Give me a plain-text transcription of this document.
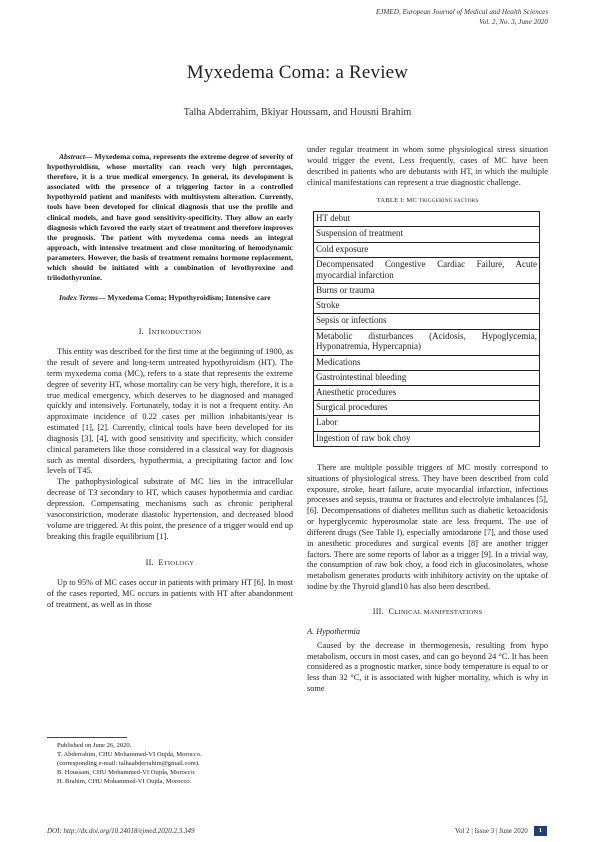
EJMED, European Journal of Medical and Health Sciences
Vol. 2, No. 3, June 2020
Myxedema Coma: a Review
Talha Abderrahim, Bkiyar Houssam, and Housni Brahim

Abstract— Myxedema coma, represents the extreme degree of severity of hypothyroidism, whose mortality can reach very high percentages, therefore, it is a true medical emergency. In general, its development is associated with the presence of a triggering factor in a controlled hypothyroid patient and manifests with multisystem alteration. Currently, tools have been developed for clinical diagnosis that use the profile and clinical models, and have good sensitivity-specificity. They allow an early diagnosis which favored the early start of treatment and therefore improves the prognosis. The patient with myxedema coma needs an integral approach, with intensive treatment and close monitoring of hemodynamic parameters. However, the basis of treatment remains hormone replacement, which should be initiated with a combination of levothyroxine and triiodothyronine.

Index Terms— Myxedema Coma; Hypothyroidism; Intensive care

I. INTRODUCTION

This entity was described for the first time at the beginning of 1900, as the result of severe and long-term untreated hypothyroidism (HT). The term myxedema coma (MC), refers to a state that represents the extreme degree of severity HT, whose mortality can be very high, therefore, it is a true medical emergency, which deserves to be diagnosed and managed quickly and intensively. Fortunately, today it is not a frequent entity. An approximate incidence of 0.22 cases per million inhabitants/year is estimated [1], [2]. Currently, clinical tools have been developed for its diagnosis [3], [4], with good sensitivity and specificity, which consider clinical parameters like those considered in a classical way for diagnosis such as mental disorders, hypothermia, a precipitating factor and low levels of T45.

The pathophysiological substrate of MC lies in the intracellular decrease of T3 secondary to HT, which causes hypothermia and cardiac depression. Compensating mechanisms such as chronic peripheral vasoconstriction, moderate diastolic hypertension, and decreased blood volume are triggered. At this point, the presence of a trigger would end up breaking this fragile equilibrium [1].

II. ETIOLOGY

Up to 95% of MC cases occur in patients with primary HT [6]. In most of the cases reported, MC occurs in patients with HT after abandonment of treatment, as well as in those

Published on June 26, 2020.

T. Abderrahim, CHU Mohammed-VI Oujda, Morocco.

(corresponding e-mail: talhaabderrahim@gmail.com).

B. Houssam, CHU Mohammed-VI Oujda, Morocco.

H. Brahim, CHU Mohammed-VI Oujda, Morocco.

under regular treatment in whom some physiological stress situation would trigger the event. Less frequently, cases of MC have been described in patients who are debutants with HT, in which the multiple clinical manifestations can represent a true diagnostic challenge.

TABLE I: MC TRIGGERING FACTORS
HT debut
Suspension of treatment
Cold exposure
Decompensated Congestive Cardiac Failure, Acute myocardial infarction
Burns or trauma
Stroke
Sepsis or infections
Metabolic disturbances (Acidosis, Hypoglycemia, Hyponatremia, Hypercapnia)
Medications
Gastrointestinal bleeding
Anesthetic procedures
Surgical procedures
Labor
Ingestion of raw bok choy

There are multiple possible triggers of MC mostly correspond to situations of physiological stress. They have been described from cold exposure, stroke, heart failure, acute myocardial infarction, infectious processes and sepsis, trauma or fractures and electrolyte imbalances [5], [6]. Decompensations of diabetes mellitus such as diabetic ketoacidosis or hyperglycemic hyperosmolar state are less frequent. The use of different drugs (See Table I), especially amiodarone [7], and those used in anesthetic procedures and surgical events [8] are another trigger factors. There are some reports of labor as a trigger [9]. In a trivial way, the consumption of raw bok choy, a food rich in glucosinolates, whose metabolism generates products with inhibitory activity on the uptake of iodine by the Thyroid gland10 has also been described.

III. CLINICAL MANIFESTATIONS
A. Hypothermia

Caused by the decrease in thermogenesis, resulting from hypo metabolism, occurs in most cases, and can go beyond 24 °C. It has been considered as a prognostic marker, since body temperature is equal to or less than 32 °C, it is associated with higher mortality, which is why in some

DOI: http://dx.doi.org/10.24018/ejmed.2020.2.3.349	Vol 2 | Issue 3 | June 2020	1
